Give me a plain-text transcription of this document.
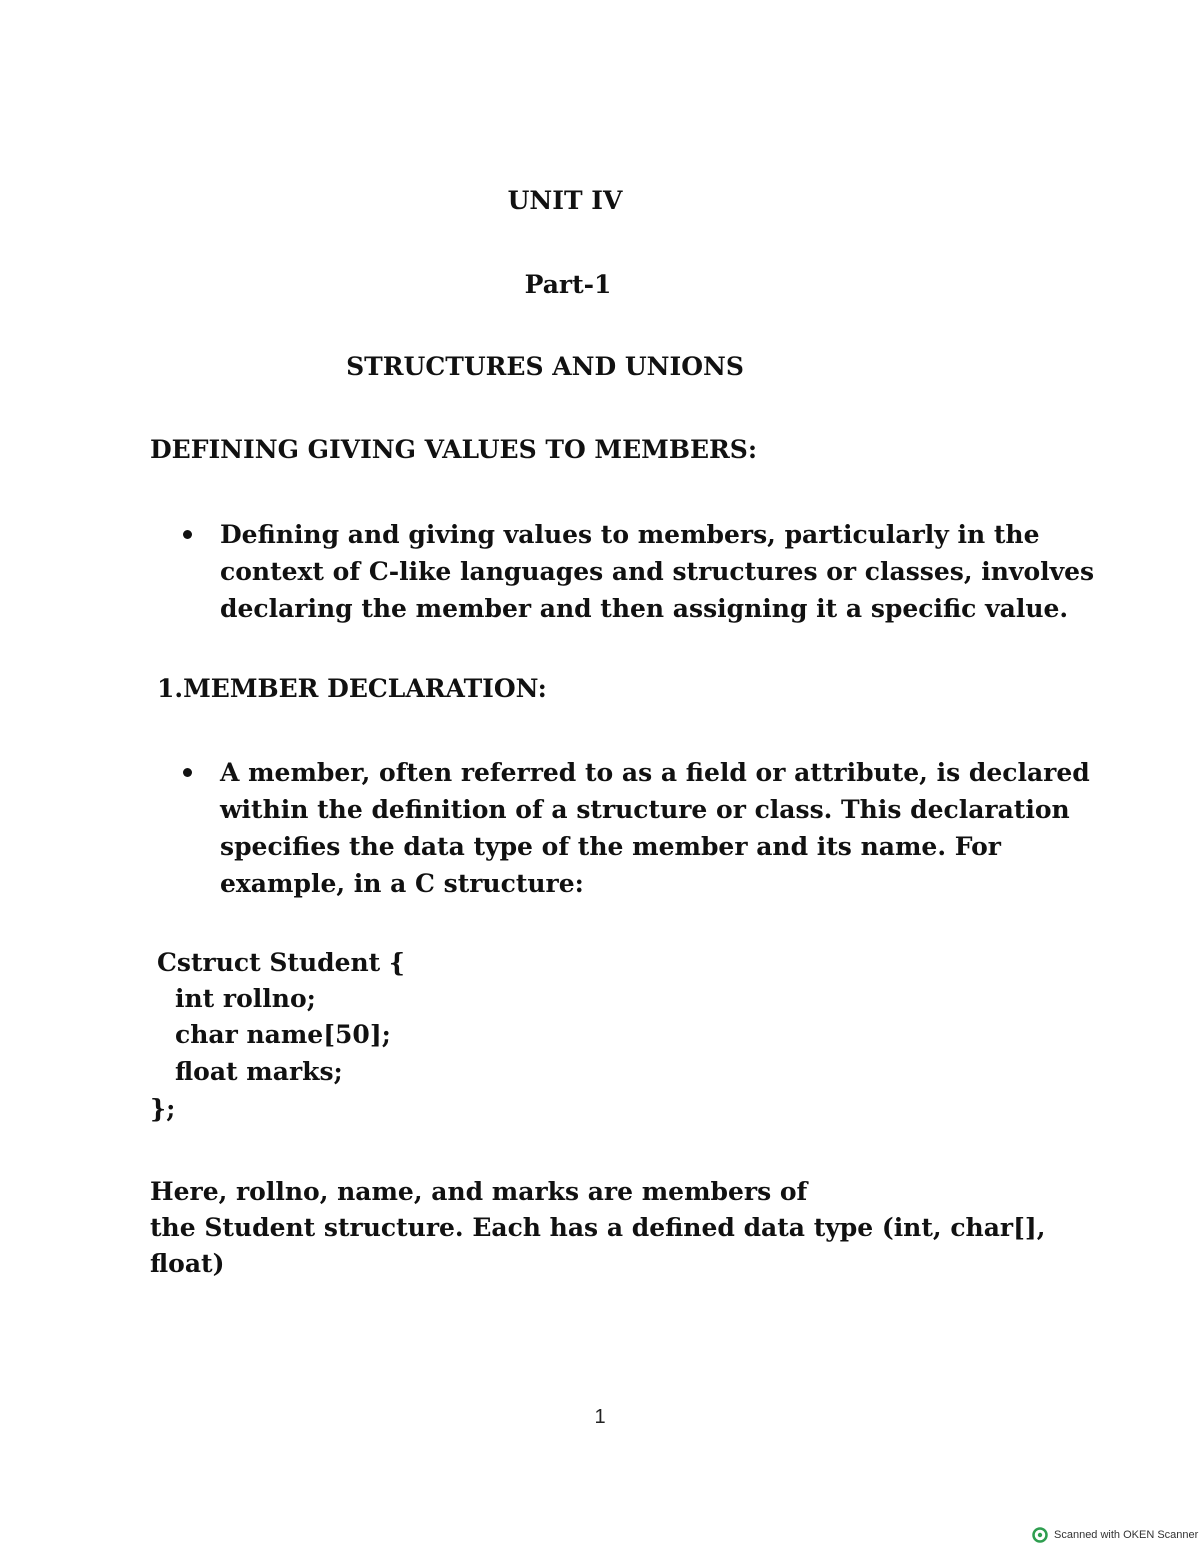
UNIT IV
Part-1
STRUCTURES AND UNIONS
DEFINING GIVING VALUES TO MEMBERS:
Defining and giving values to members, particularly in the context of C-like languages and structures or classes, involves declaring the member and then assigning it a specific value.
1.MEMBER DECLARATION:
A member, often referred to as a field or attribute, is declared within the definition of a structure or class. This declaration specifies the data type of the member and its name. For example, in a C structure:
Cstruct Student {
int rollno;
char name[50];
float marks;
};
Here, rollno, name, and marks are members of
the Student structure. Each has a defined data type (int, char[], float)
1
Scanned with OKEN Scanner
